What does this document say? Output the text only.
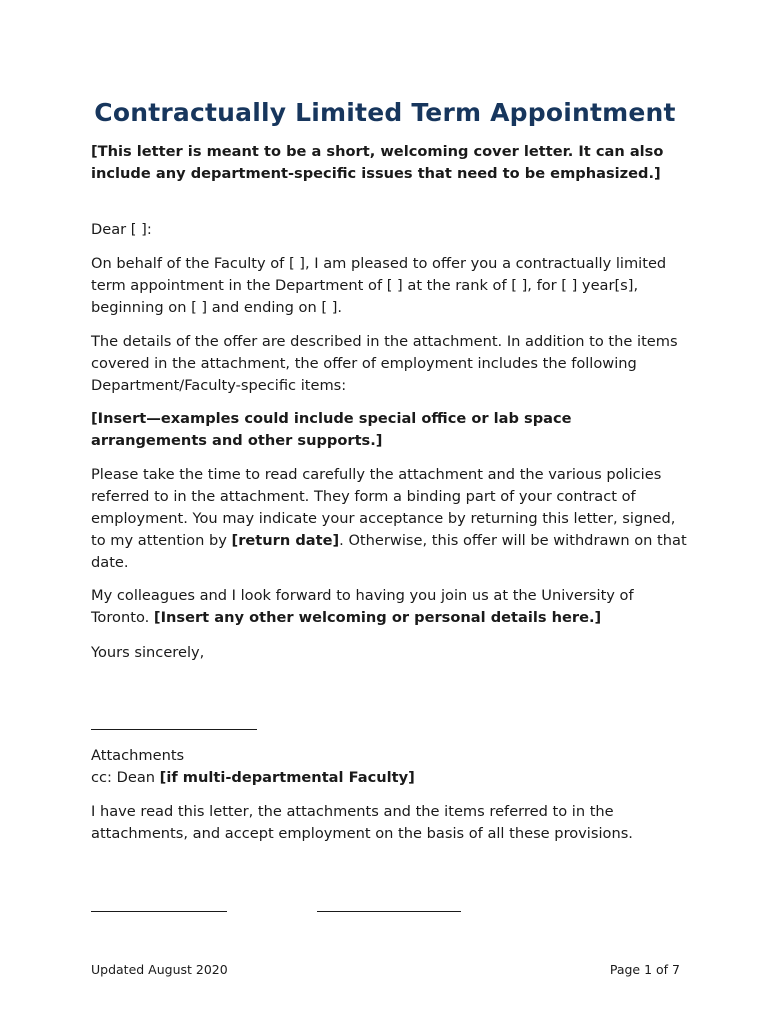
Contractually Limited Term Appointment
[This letter is meant to be a short, welcoming cover letter. It can also include any department-specific issues that need to be emphasized.]
Dear [ ]:
On behalf of the Faculty of [ ], I am pleased to offer you a contractually limited term appointment in the Department of [ ] at the rank of [ ], for [ ] year[s], beginning on [ ] and ending on [ ].
The details of the offer are described in the attachment. In addition to the items covered in the attachment, the offer of employment includes the following Department/Faculty-specific items:
[Insert—examples could include special office or lab space arrangements and other supports.]
Please take the time to read carefully the attachment and the various policies referred to in the attachment. They form a binding part of your contract of employment. You may indicate your acceptance by returning this letter, signed, to my attention by [return date]. Otherwise, this offer will be withdrawn on that date.
My colleagues and I look forward to having you join us at the University of Toronto. [Insert any other welcoming or personal details here.]
Yours sincerely,
Attachments
cc: Dean [if multi-departmental Faculty]
I have read this letter, the attachments and the items referred to in the attachments, and accept employment on the basis of all these provisions.
Updated August 2020	Page 1 of 7
